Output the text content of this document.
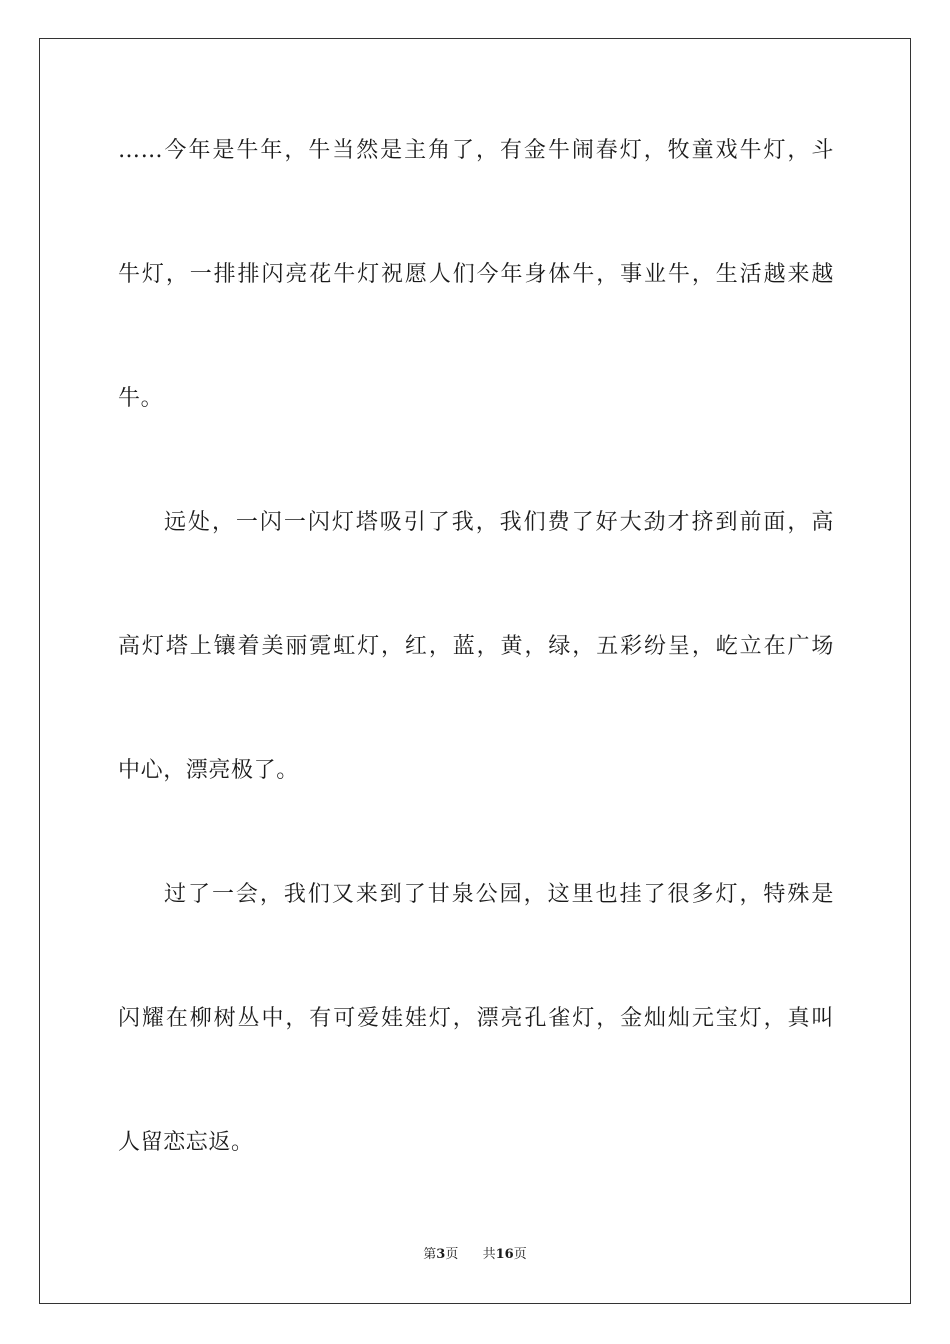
……今年是牛年，牛当然是主角了，有金牛闹春灯，牧童戏牛灯，斗
牛灯，一排排闪亮花牛灯祝愿人们今年身体牛，事业牛，生活越来越
牛。
远处，一闪一闪灯塔吸引了我，我们费了好大劲才挤到前面，高
高灯塔上镶着美丽霓虹灯，红，蓝，黄，绿，五彩纷呈，屹立在广场
中心，漂亮极了。
过了一会，我们又来到了甘泉公园，这里也挂了很多灯，特殊是
闪耀在柳树丛中，有可爱娃娃灯，漂亮孔雀灯，金灿灿元宝灯，真叫
人留恋忘返。
第3页 共16页
